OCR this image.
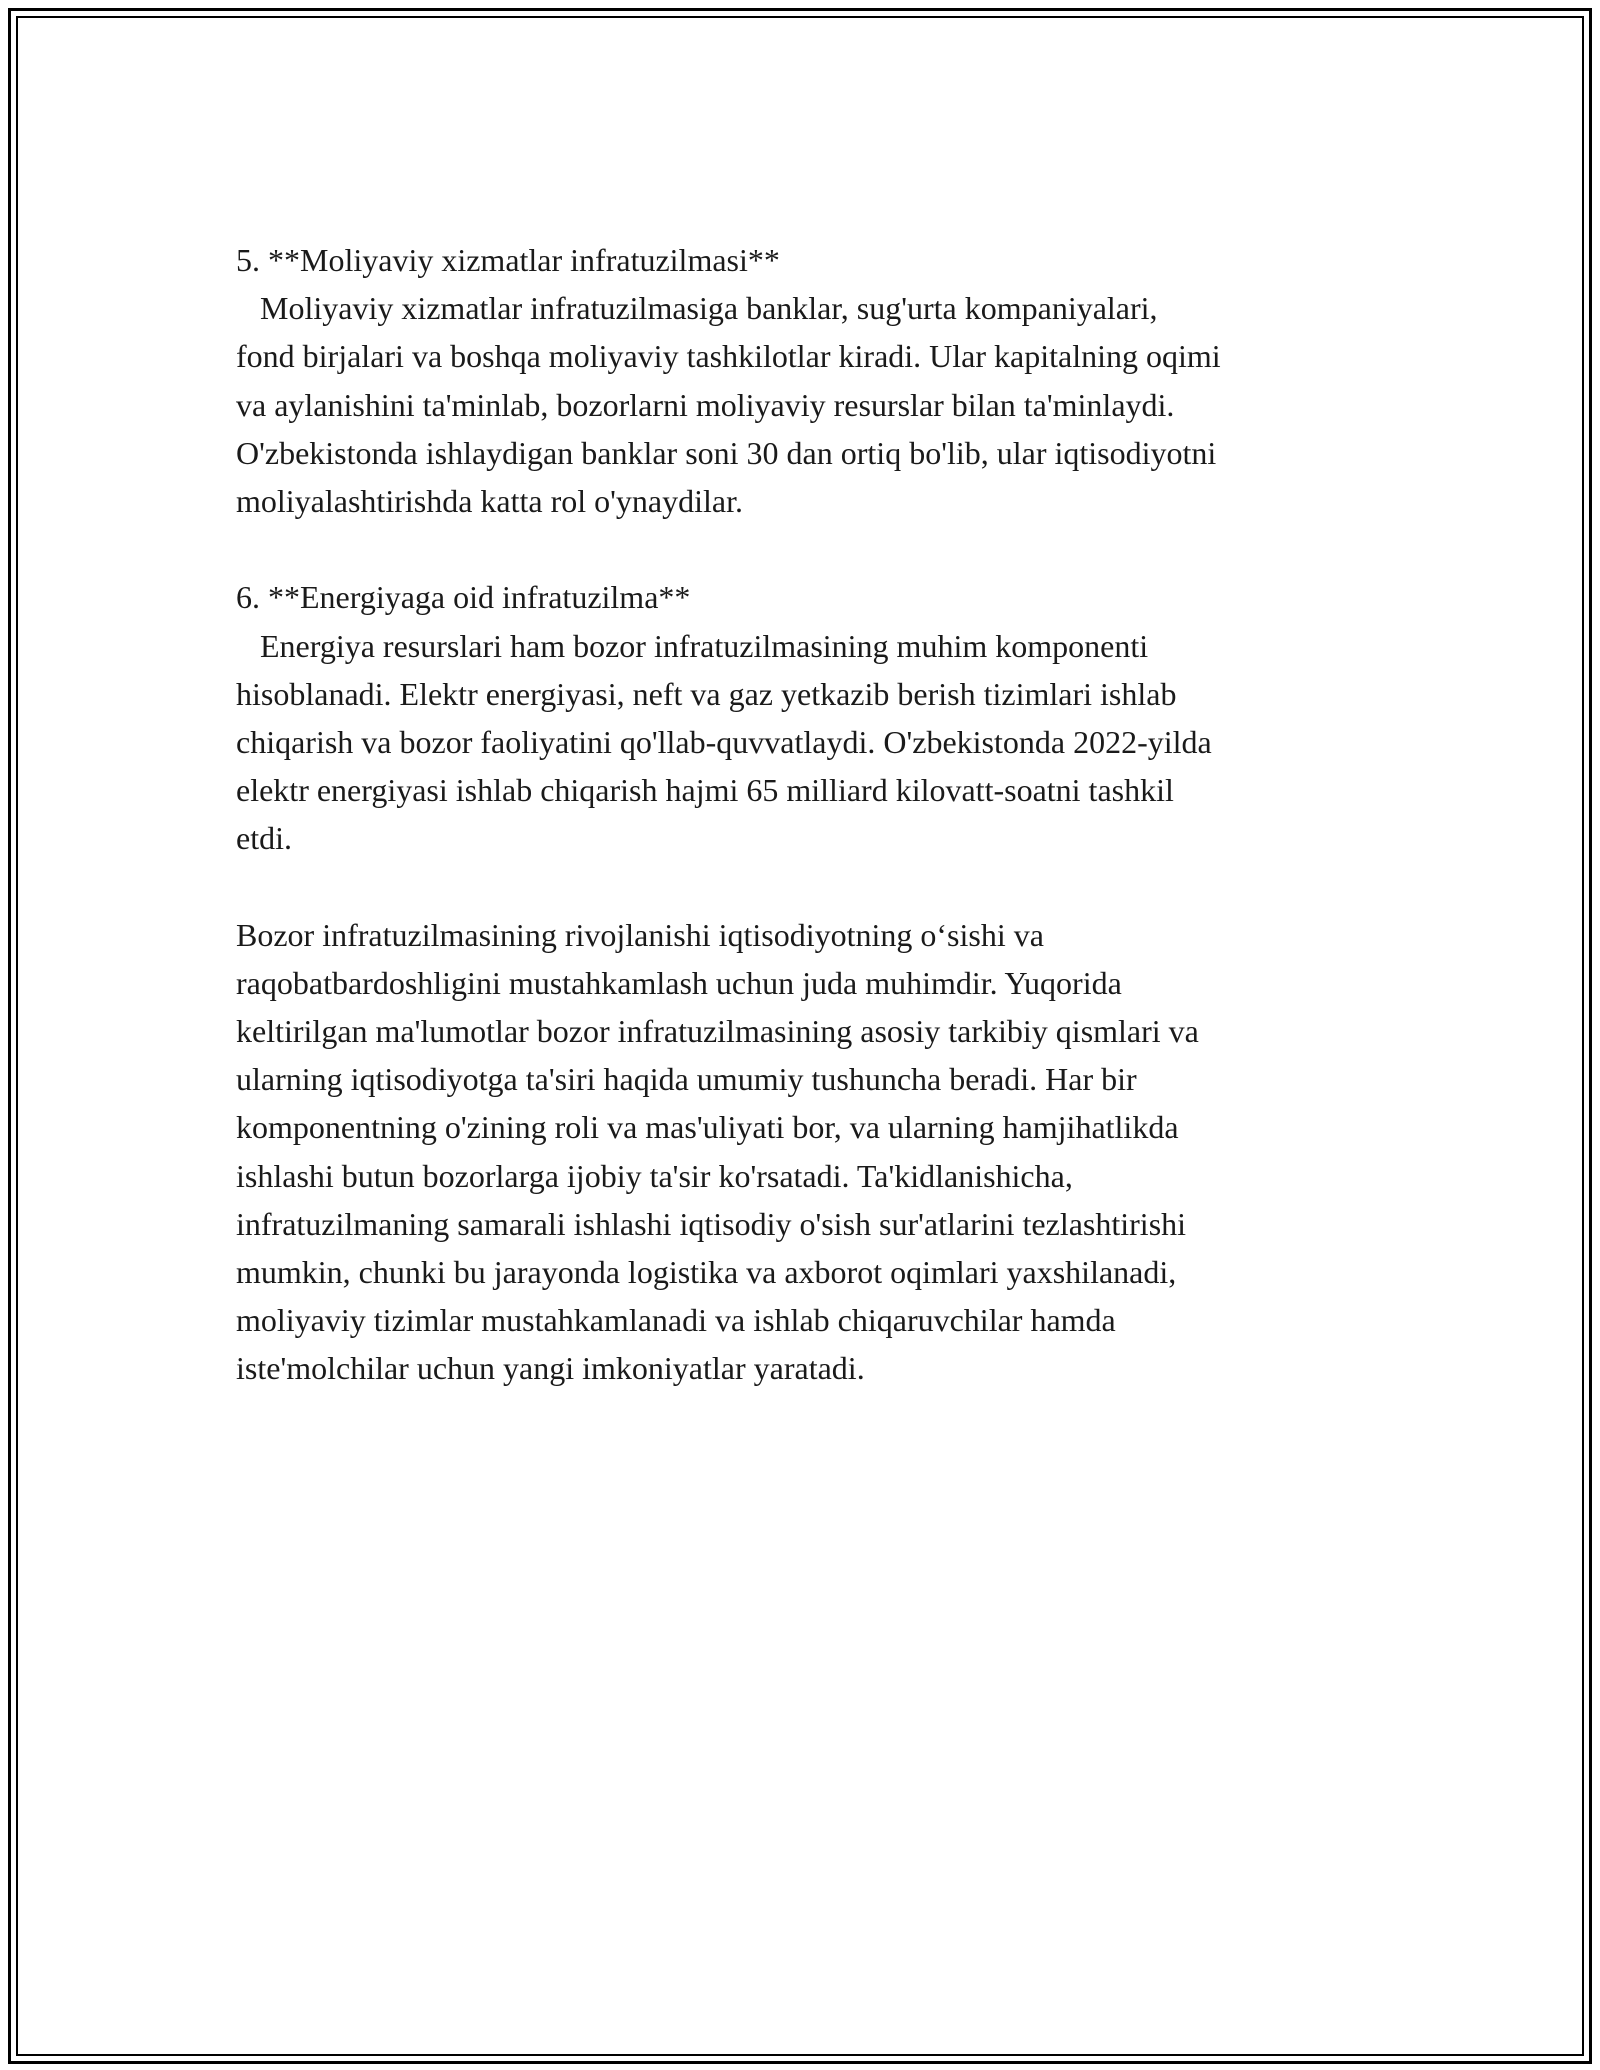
5. **Moliyaviy xizmatlar infratuzilmasi**
Moliyaviy xizmatlar infratuzilmasiga banklar, sug'urta kompaniyalari,
fond birjalari va boshqa moliyaviy tashkilotlar kiradi. Ular kapitalning oqimi
va aylanishini ta'minlab, bozorlarni moliyaviy resurslar bilan ta'minlaydi.
O'zbekistonda ishlaydigan banklar soni 30 dan ortiq bo'lib, ular iqtisodiyotni
moliyalashtirishda katta rol o'ynaydilar.
6. **Energiyaga oid infratuzilma**
Energiya resurslari ham bozor infratuzilmasining muhim komponenti
hisoblanadi. Elektr energiyasi, neft va gaz yetkazib berish tizimlari ishlab
chiqarish va bozor faoliyatini qo'llab-quvvatlaydi. O'zbekistonda 2022-yilda
elektr energiyasi ishlab chiqarish hajmi 65 milliard kilovatt-soatni tashkil
etdi.
Bozor infratuzilmasining rivojlanishi iqtisodiyotning o‘sishi va
raqobatbardoshligini mustahkamlash uchun juda muhimdir. Yuqorida
keltirilgan ma'lumotlar bozor infratuzilmasining asosiy tarkibiy qismlari va
ularning iqtisodiyotga ta'siri haqida umumiy tushuncha beradi. Har bir
komponentning o'zining roli va mas'uliyati bor, va ularning hamjihatlikda
ishlashi butun bozorlarga ijobiy ta'sir ko'rsatadi. Ta'kidlanishicha,
infratuzilmaning samarali ishlashi iqtisodiy o'sish sur'atlarini tezlashtirishi
mumkin, chunki bu jarayonda logistika va axborot oqimlari yaxshilanadi,
moliyaviy tizimlar mustahkamlanadi va ishlab chiqaruvchilar hamda
iste'molchilar uchun yangi imkoniyatlar yaratadi.
